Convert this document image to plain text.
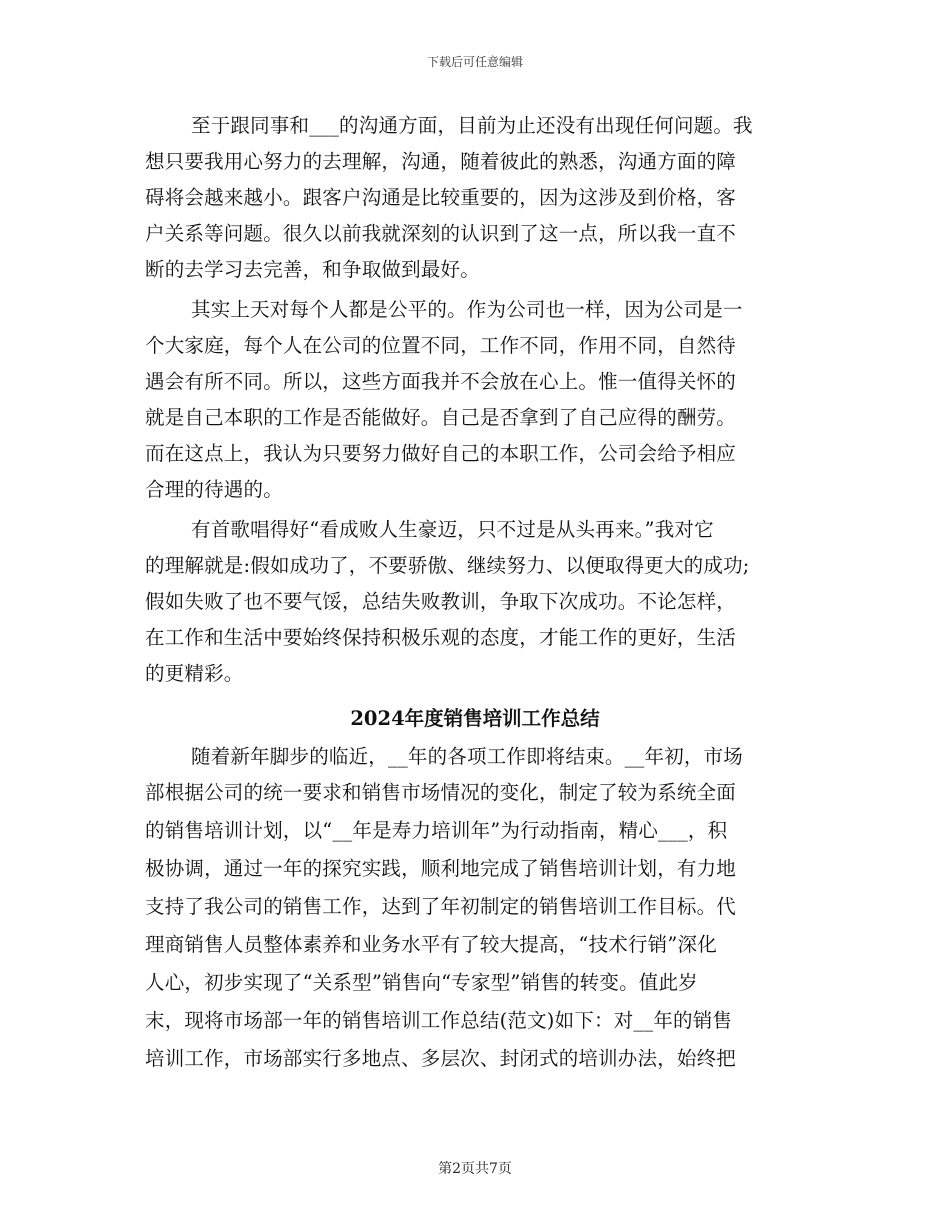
下载后可任意编辑
至于跟同事和___的沟通方面，目前为止还没有出现任何问题。我
想只要我用心努力的去理解，沟通，随着彼此的熟悉，沟通方面的障
碍将会越来越小。跟客户沟通是比较重要的，因为这涉及到价格，客
户关系等问题。很久以前我就深刻的认识到了这一点，所以我一直不
断的去学习去完善，和争取做到最好。
其实上天对每个人都是公平的。作为公司也一样，因为公司是一
个大家庭，每个人在公司的位置不同，工作不同，作用不同，自然待
遇会有所不同。所以，这些方面我并不会放在心上。惟一值得关怀的
就是自己本职的工作是否能做好。自己是否拿到了自己应得的酬劳。
而在这点上，我认为只要努力做好自己的本职工作，公司会给予相应
合理的待遇的。
有首歌唱得好“看成败人生豪迈，只不过是从头再来。”我对它
的理解就是:假如成功了，不要骄傲、继续努力、以便取得更大的成功;
假如失败了也不要气馁，总结失败教训，争取下次成功。不论怎样，
在工作和生活中要始终保持积极乐观的态度，才能工作的更好，生活
的更精彩。
2024年度销售培训工作总结
随着新年脚步的临近，__年的各项工作即将结束。__年初，市场
部根据公司的统一要求和销售市场情况的变化，制定了较为系统全面
的销售培训计划，以“__年是寿力培训年”为行动指南，精心___，积
极协调，通过一年的探究实践，顺利地完成了销售培训计划，有力地
支持了我公司的销售工作，达到了年初制定的销售培训工作目标。代
理商销售人员整体素养和业务水平有了较大提高，“技术行销”深化
人心，初步实现了“关系型”销售向“专家型”销售的转变。值此岁
末，现将市场部一年的销售培训工作总结(范文)如下：对__年的销售
培训工作，市场部实行多地点、多层次、封闭式的培训办法，始终把
第2页共7页
